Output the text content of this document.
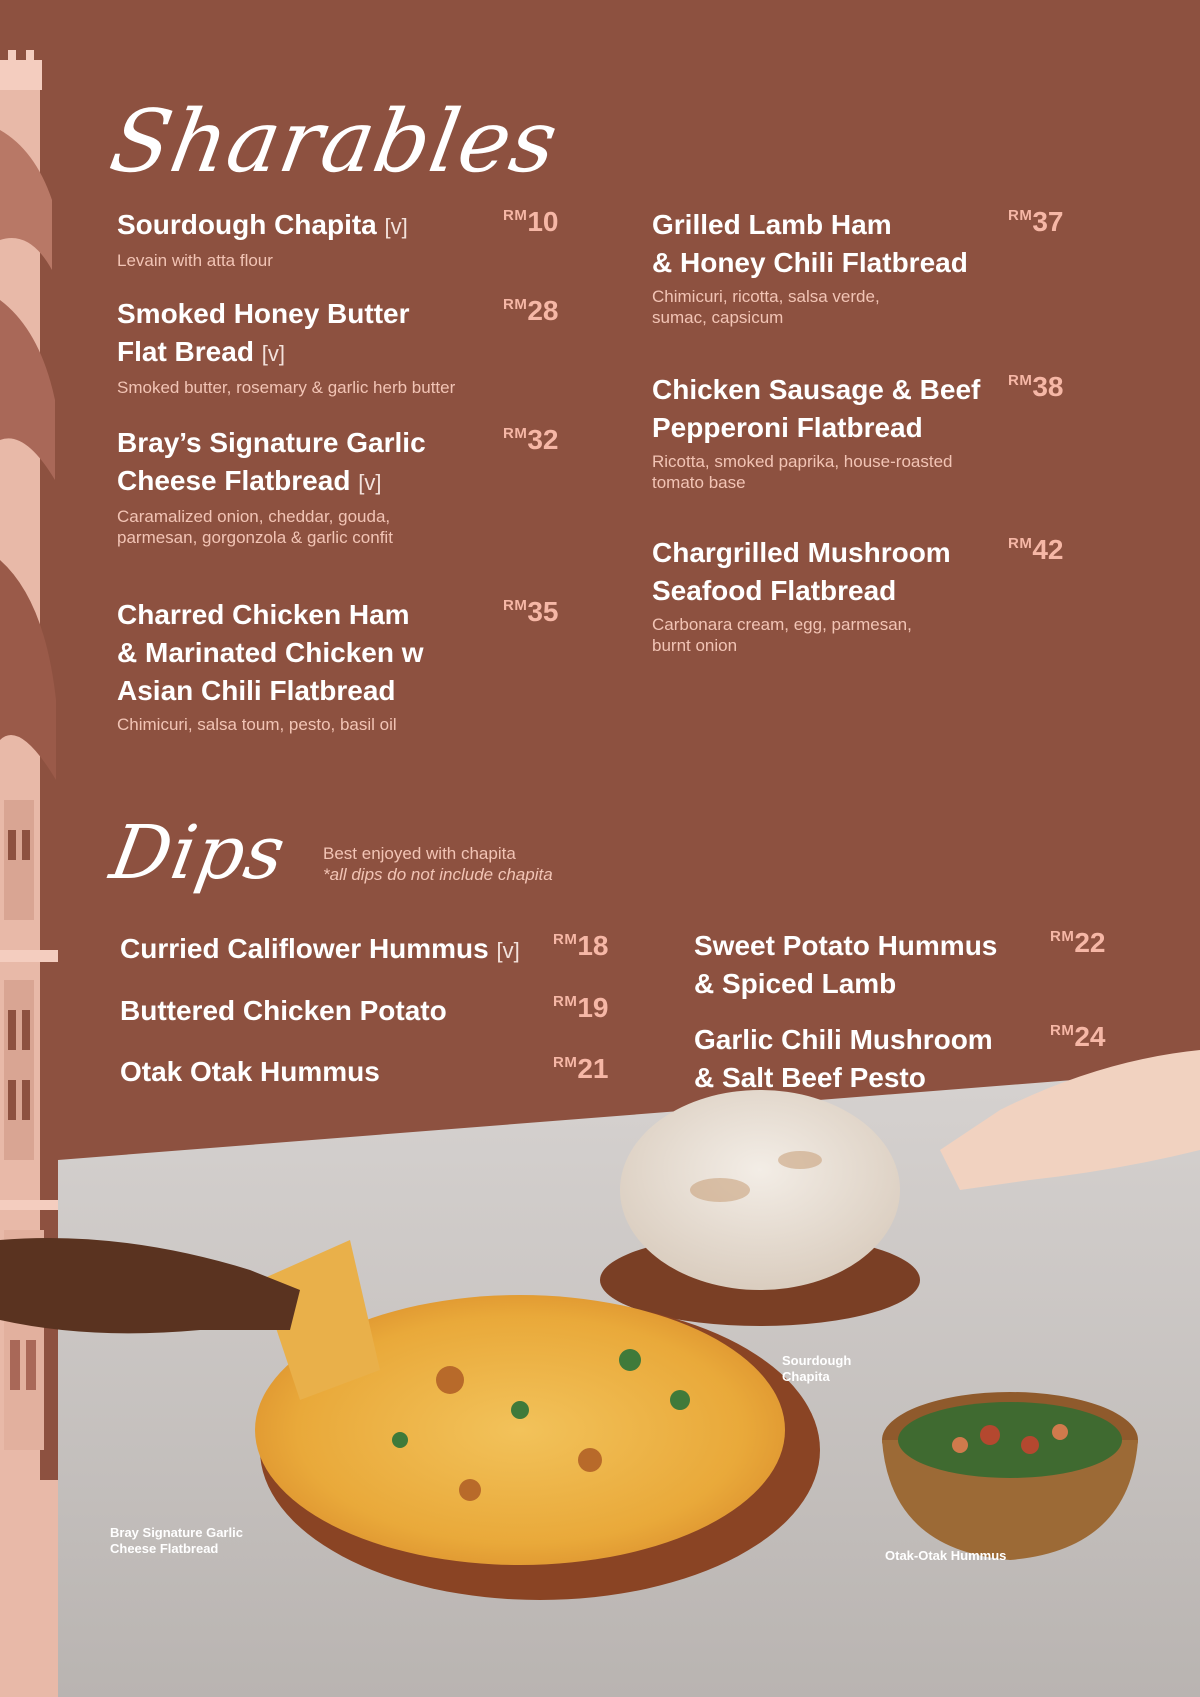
Sharables

Sourdough Chapita [v]

Levain with atta flour
RM10

Smoked Honey Butter
Flat Bread [v]

Smoked butter, rosemary & garlic herb butter
RM28

Bray’s Signature Garlic
Cheese Flatbread [v]

Caramalized onion, cheddar, gouda,
parmesan, gorgonzola & garlic confit
RM32

Charred Chicken Ham
& Marinated Chicken w
Asian Chili Flatbread

Chimicuri, salsa toum, pesto, basil oil
RM35

Grilled Lamb Ham
& Honey Chili Flatbread

Chimicuri, ricotta, salsa verde,
sumac, capsicum
RM37

Chicken Sausage & Beef
Pepperoni Flatbread

Ricotta, smoked paprika, house-roasted
tomato base
RM38

Chargrilled Mushroom
Seafood Flatbread

Carbonara cream, egg, parmesan,
burnt onion
RM42
Dips Best enjoyed with chapita
*all dips do not include chapita

Curried Califlower Hummus [v]	RM18

Buttered Chicken Potato	RM19

Otak Otak Hummus	RM21

Sweet Potato Hummus
& Spiced Lamb

RM22

Garlic Chili Mushroom
& Salt Beef Pesto

RM24
Bray Signature Garlic
Cheese Flatbread
Sourdough
Chapita
Otak-Otak Hummus
